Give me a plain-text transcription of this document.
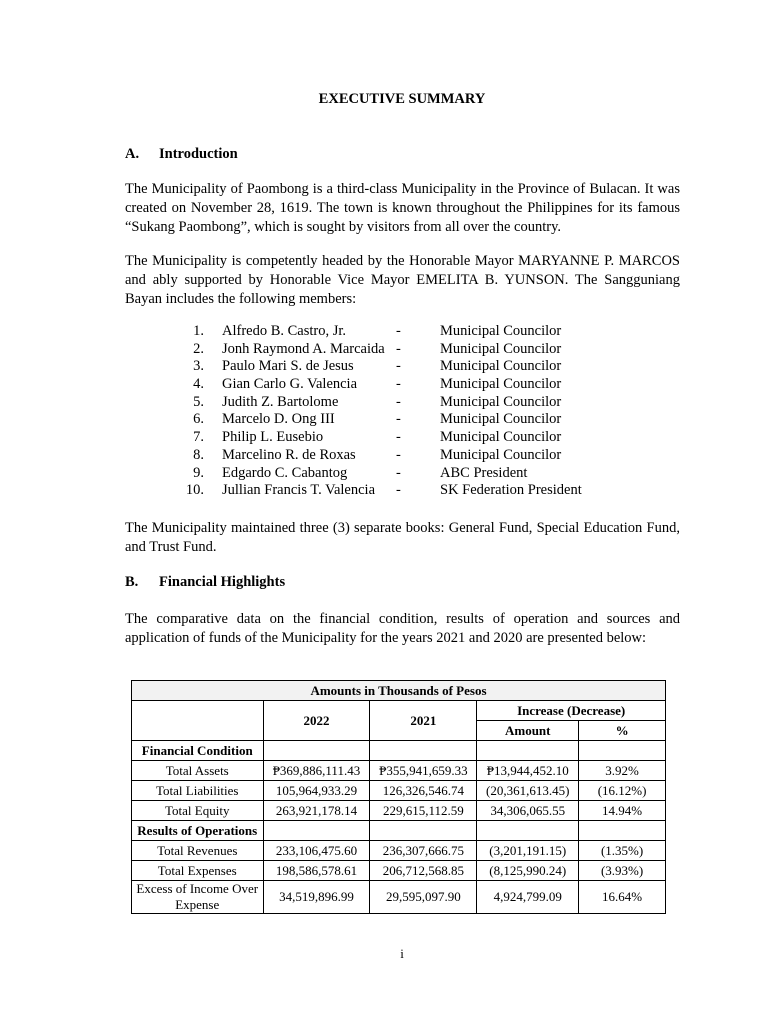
EXECUTIVE SUMMARY
A. Introduction

The Municipality of Paombong is a third-class Municipality in the Province of Bulacan. It was created on November 28, 1619. The town is known throughout the Philippines for its famous “Sukang Paombong”, which is sought by visitors from all over the country.

The Municipality is competently headed by the Honorable Mayor MARYANNE P. MARCOS and ably supported by Honorable Vice Mayor EMELITA B. YUNSON. The Sangguniang Bayan includes the following members:

1. Alfredo B. Castro, Jr.	-	Municipal Councilor
2. Jonh Raymond A. Marcaida -	Municipal Councilor
3. Paulo Mari S. de Jesus	-	Municipal Councilor
4. Gian Carlo G. Valencia	-	Municipal Councilor
5. Judith Z. Bartolome	-	Municipal Councilor
6. Marcelo D. Ong III	-	Municipal Councilor
7. Philip L. Eusebio	-	Municipal Councilor
8. Marcelino R. de Roxas	-	Municipal Councilor
9. Edgardo C. Cabantog	-	ABC President
10. Jullian Francis T. Valencia -	SK Federation President

The Municipality maintained three (3) separate books: General Fund, Special Education Fund, and Trust Fund.

B. Financial Highlights

The comparative data on the financial condition, results of operation and sources and application of funds of the Municipality for the years 2021 and 2020 are presented below:

Amounts in Thousands of Pesos				
	2022	2021	Increase (Decrease)	
			Amount	%
Financial Condition				
Total Assets	₱369,886,111.43	₱355,941,659.33	₱13,944,452.10	3.92%
Total Liabilities	105,964,933.29	126,326,546.74	(20,361,613.45)	(16.12%)
Total Equity	263,921,178.14	229,615,112.59	34,306,065.55	14.94%
Results of Operations				
Total Revenues	233,106,475.60	236,307,666.75	(3,201,191.15)	(1.35%)
Total Expenses	198,586,578.61	206,712,568.85	(8,125,990.24)	(3.93%)
Excess of Income Over Expense	34,519,896.99	29,595,097.90	4,924,799.09	16.64%
i
